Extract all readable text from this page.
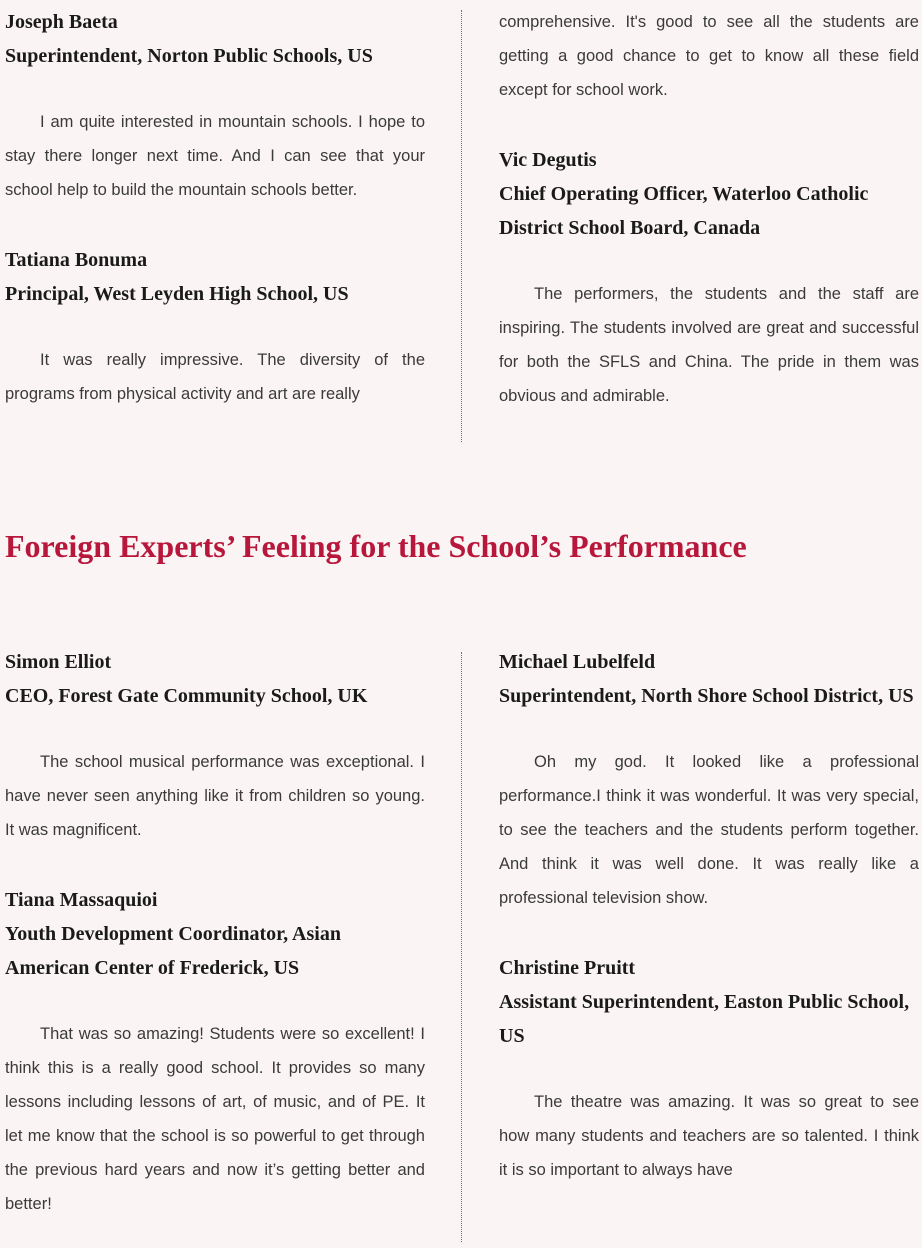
Joseph Baeta

Superintendent, Norton Public Schools, US

I am quite interested in mountain schools. I hope to stay there longer next time. And I can see that your school help to build the mountain schools better.

Tatiana Bonuma

Principal, West Leyden High School, US

It was really impressive. The diversity of the programs from physical activity and art are really

comprehensive. It's good to see all the students are getting a good chance to get to know all these field except for school work.

Vic Degutis

Chief Operating Officer, Waterloo Catholic District School Board, Canada

The performers, the students and the staff are inspiring. The students involved are great and successful for both the SFLS and China. The pride in them was obvious and admirable.

Foreign Experts’ Feeling for the School’s Performance

Simon Elliot

CEO, Forest Gate Community School, UK

The school musical performance was exceptional. I have never seen anything like it from children so young. It was magnificent.

Tiana Massaquioi

Youth Development Coordinator, Asian American Center of Frederick, US

That was so amazing! Students were so excellent! I think this is a really good school. It provides so many lessons including lessons of art, of music, and of PE. It let me know that the school is so powerful to get through the previous hard years and now it’s getting better and better!

Michael Lubelfeld

Superintendent, North Shore School District, US

Oh my god. It looked like a professional performance.I think it was wonderful. It was very special, to see the teachers and the students perform together. And think it was well done. It was really like a professional television show.

Christine Pruitt

Assistant Superintendent, Easton Public School, US

The theatre was amazing. It was so great to see how many students and teachers are so talented. I think it is so important to always have
